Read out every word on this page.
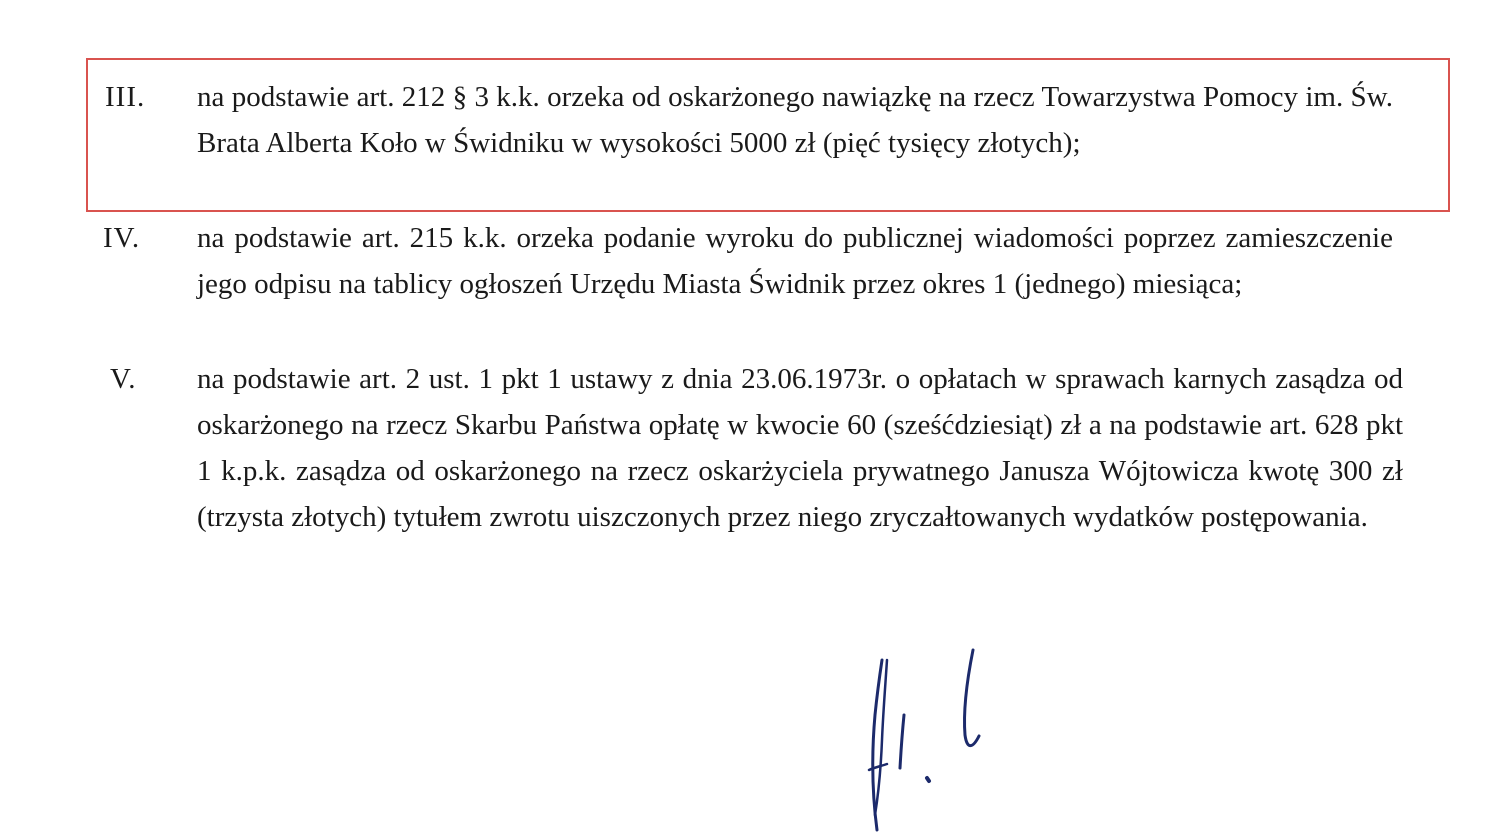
III. na podstawie art. 212 § 3 k.k. orzeka od oskarżonego nawiązkę na rzecz Towarzystwa Pomocy im. Św. Brata Alberta Koło w Świdniku w wysokości 5000 zł (pięć tysięcy złotych);

IV. na podstawie art. 215 k.k. orzeka podanie wyroku do publicznej wiadomości poprzez zamieszczenie jego odpisu na tablicy ogłoszeń Urzędu Miasta Świdnik przez okres 1 (jednego) miesiąca;

V. na podstawie art. 2 ust. 1 pkt 1 ustawy z dnia 23.06.1973r. o opłatach w sprawach karnych zasądza od oskarżonego na rzecz Skarbu Państwa opłatę w kwocie 60 (sześćdziesiąt) zł a na podstawie art. 628 pkt 1 k.p.k. zasądza od oskarżonego na rzecz oskarżyciela prywatnego Janusza Wójtowicza kwotę 300 zł (trzysta złotych) tytułem zwrotu uiszczonych przez niego zryczałtowanych wydatków postępowania.
